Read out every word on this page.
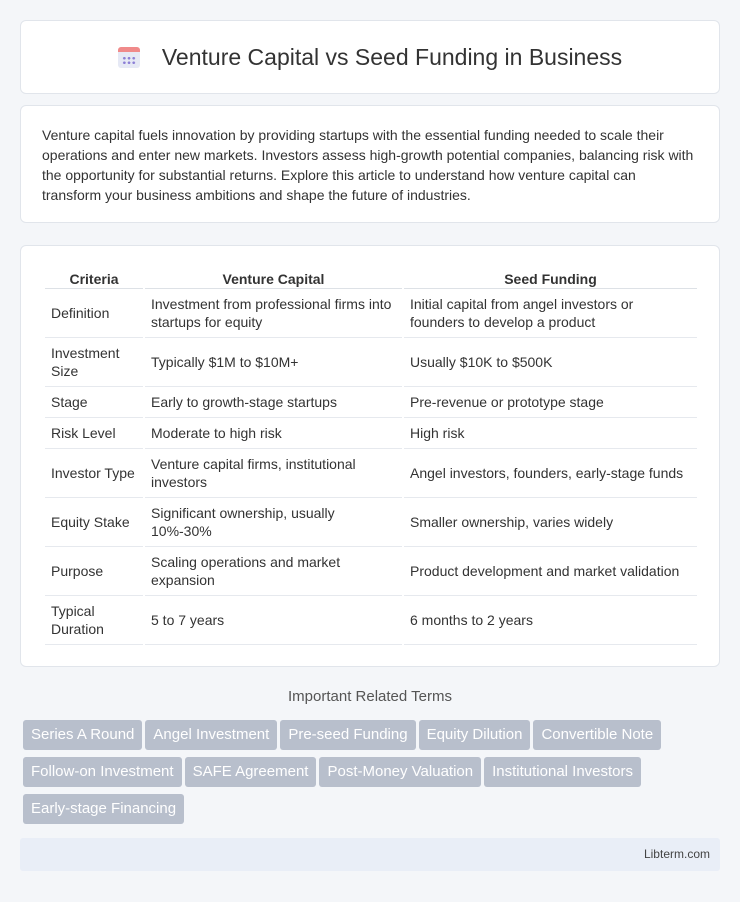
Venture Capital vs Seed Funding in Business

Venture capital fuels innovation by providing startups with the essential funding needed to scale their operations and enter new markets. Investors assess high-growth potential companies, balancing risk with the opportunity for substantial returns. Explore this article to understand how venture capital can transform your business ambitions and shape the future of industries.

Criteria	Venture Capital	Seed Funding
Definition	Investment from professional firms into startups for equity	Initial capital from angel investors or founders to develop a product
Investment Size	Typically $1M to $10M+	Usually $10K to $500K
Stage	Early to growth-stage startups	Pre-revenue or prototype stage
Risk Level	Moderate to high risk	High risk
Investor Type	Venture capital firms, institutional investors	Angel investors, founders, early-stage funds
Equity Stake	Significant ownership, usually 10%-30%	Smaller ownership, varies widely
Purpose	Scaling operations and market expansion	Product development and market validation
Typical Duration	5 to 7 years	6 months to 2 years
Important Related Terms
Series A Round Angel Investment Pre-seed Funding Equity Dilution Convertible Note
Follow-on Investment SAFE Agreement Post-Money Valuation Institutional Investors
Early-stage Financing
Libterm.com
